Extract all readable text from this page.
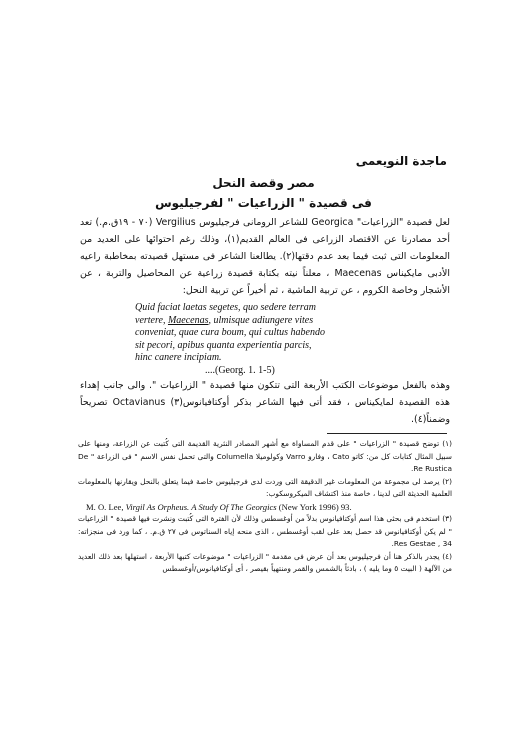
ماجدة النويعمى
مصر وقصة النحل
فى قصيدة " الزراعيات " لفرجيليوس
لعل قصيدة "الزراعيات" Georgica للشاعر الرومانى فرجيليوس Vergilius (٧٠ - ١٩ق.م.) تعد أحد مصادرنا عن الاقتصاد الزراعى فى العالم القديم(١)، وذلك رغم احتوائها على العديد من المعلومات التى ثبت فيما بعد عدم دقتها(٢). يطالعنا الشاعر فى مستهل قصيدته بمخاطبة راعيه الأدبى مايكيناس Maecenas ، معلناً نيته بكتابة قصيدة زراعية عن المحاصيل والتربة ، عن الأشجار وخاصة الكروم ، عن تربية الماشية ، ثم أخيراً عن تربية النحل:
Quid faciat laetas segetes, quo sedere terram
vertere, Maecenas, ulmisque adiungere vites
conveniat, quae cura boum, qui cultus habendo
sit pecori, apibus quanta experientia parcis,
hinc canere incipiam.
....(Georg. 1. 1-5)
وهذه بالفعل موضوعات الكتب الأربعة التى تتكون منها قصيدة " الزراعيات ". والى جانب إهداء هذه القصيدة لمايكيناس ، فقد أتى فيها الشاعر بذكر أوكتافيانوس(٣) Octavianus تصريحاً وضمناً(٤).
(١) توضح قصيدة " الزراعيات " على قدم المساواة مع أشهر المصادر النثرية القديمة التى كُتبت عن الزراعة، ومنها على سبيل المثال كتابات كل من: كاتو Cato ، وفارو Varro وكولوميلا Columella والتى تحمل نفس الاسم " فى الزراعة " De Re Rustica.
(٢) يرصد لى مجموعة من المعلومات غير الدقيقة التى وردت لدى فرجيليوس خاصة فيما يتعلق بالنحل ويقارنها بالمعلومات العلمية الحديثة التى لدينا ، خاصة منذ اكتشاف الميكروسكوب:
M. O. Lee, Virgil As Orpheus. A Study Of The Georgics (New York 1996) 93.
(٣) استخدم فى بحثى هذا اسم أوكتافيانوس بدلاً من أوغسطس وذلك لأن الفترة التى كُتبت ونشرت فيها قصيدة " الزراعيات " لم يكن أوكتافيانوس قد حصل بعد على لقب أوغسطس ، الذى منحه إياه السناتوس فى ٢٧ ق.م. ، كما ورد فى منجزاته: Res Gestae , 34.
(٤) يجدر بالذكر هنا أن فرجيليوس بعد أن عرض فى مقدمة " الزراعيات " موضوعات كتبها الأربعة ، استهلها بعد ذلك العديد من الآلهة ( البيت ٥ وما يليه ) ، بادئاً بالشمس والقمر ومنتهياً بقيصر ، أى أوكتافيانوس/أوغسطس
